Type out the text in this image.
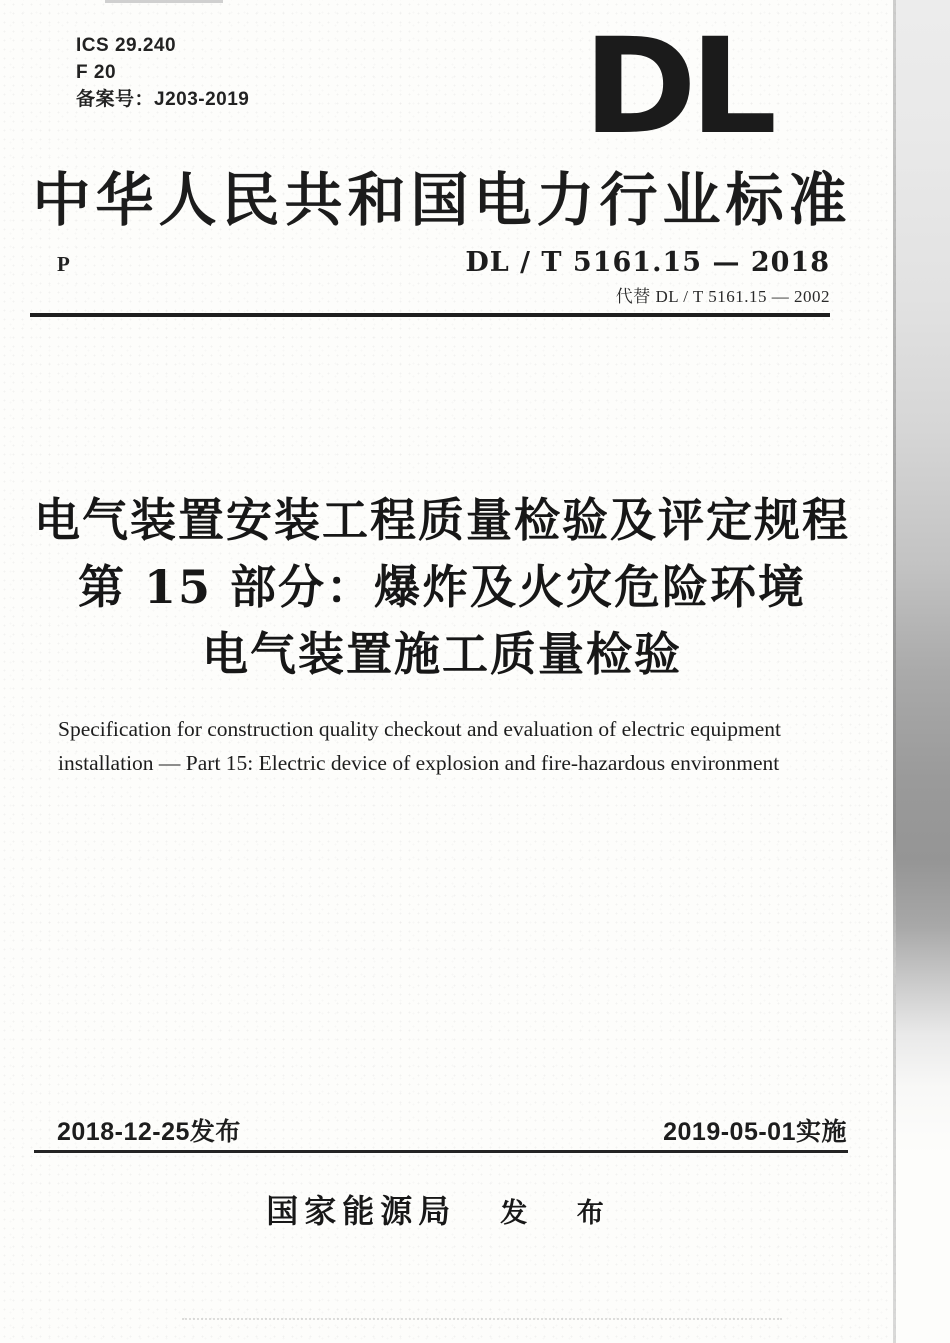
ICS 29.240
F 20
备案号：J203-2019	DL
中华人民共和国电力行业标准
P	DL / T 5161.15 — 2018
代替 DL / T 5161.15 — 2002
电气装置安装工程质量检验及评定规程
第 15 部分：爆炸及火灾危险环境
电气装置施工质量检验
Specification for construction quality checkout and evaluation of electric equipment
installation — Part 15: Electric device of explosion and fire-hazardous environment
2018-12-25发布	2019-05-01实施
国家能源局 发 布
